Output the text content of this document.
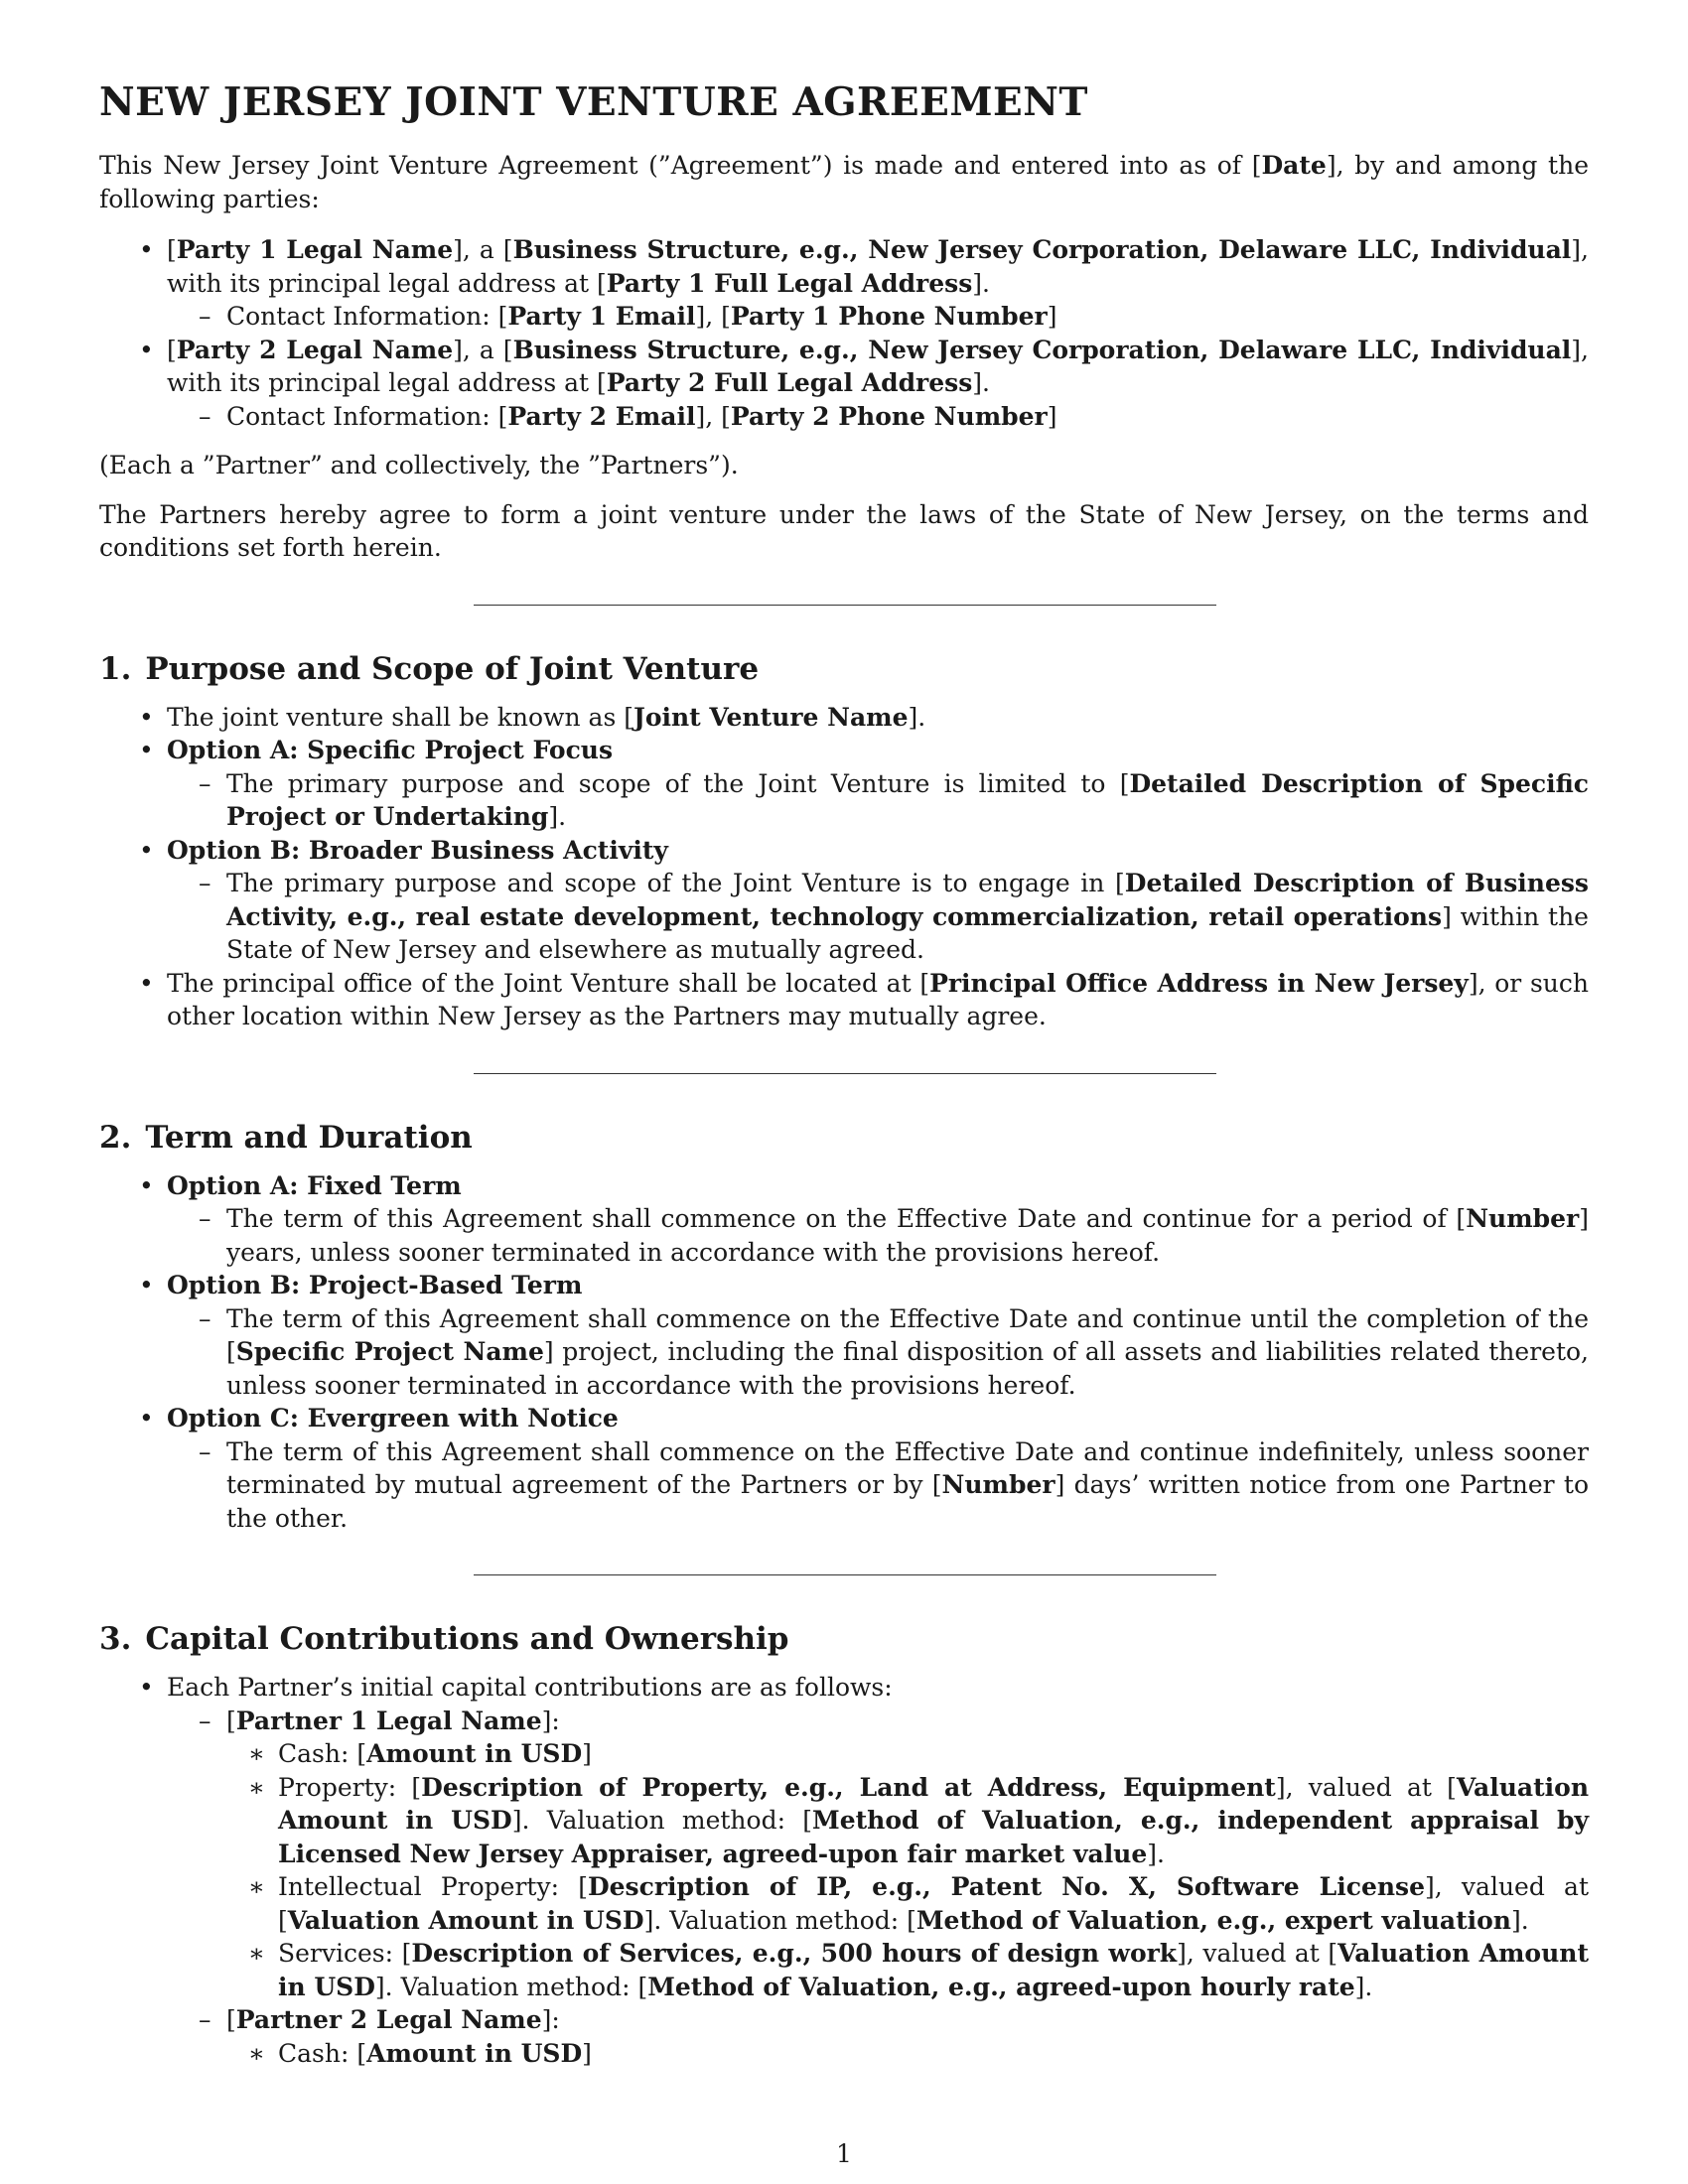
NEW JERSEY JOINT VENTURE AGREEMENT

This New Jersey Joint Venture Agreement (”Agreement”) is made and entered into as of [Date], by and among the following parties:

• [Party 1 Legal Name], a [Business Structure, e.g., New Jersey Corporation, Delaware LLC, Individual], with its principal legal address at [Party 1 Full Legal Address].
– Contact Information: [Party 1 Email], [Party 1 Phone Number]
• [Party 2 Legal Name], a [Business Structure, e.g., New Jersey Corporation, Delaware LLC, Individual], with its principal legal address at [Party 2 Full Legal Address].
– Contact Information: [Party 2 Email], [Party 2 Phone Number]

(Each a ”Partner” and collectively, the ”Partners”).

The Partners hereby agree to form a joint venture under the laws of the State of New Jersey, on the terms and conditions set forth herein.

1. Purpose and Scope of Joint Venture
• The joint venture shall be known as [Joint Venture Name].
• Option A: Specific Project Focus
– The primary purpose and scope of the Joint Venture is limited to [Detailed Description of Specific Project or Undertaking].
• Option B: Broader Business Activity
– The primary purpose and scope of the Joint Venture is to engage in [Detailed Description of Business Activity, e.g., real estate development, technology commercialization, retail operations] within the State of New Jersey and elsewhere as mutually agreed.
• The principal office of the Joint Venture shall be located at [Principal Office Address in New Jersey], or such other location within New Jersey as the Partners may mutually agree.
2. Term and Duration
• Option A: Fixed Term
– The term of this Agreement shall commence on the Effective Date and continue for a period of [Number] years, unless sooner terminated in accordance with the provisions hereof.
• Option B: Project-Based Term
– The term of this Agreement shall commence on the Effective Date and continue until the completion of the [Specific Project Name] project, including the final disposition of all assets and liabilities related thereto, unless sooner terminated in accordance with the provisions hereof.
• Option C: Evergreen with Notice
– The term of this Agreement shall commence on the Effective Date and continue indefinitely, unless sooner terminated by mutual agreement of the Partners or by [Number] days’ written notice from one Partner to the other.
3. Capital Contributions and Ownership
• Each Partner’s initial capital contributions are as follows:
– [Partner 1 Legal Name]:
∗ Cash: [Amount in USD]
∗ Property: [Description of Property, e.g., Land at Address, Equipment], valued at [Valuation Amount in USD]. Valuation method: [Method of Valuation, e.g., independent appraisal by Licensed New Jersey Appraiser, agreed-upon fair market value].
∗ Intellectual Property: [Description of IP, e.g., Patent No. X, Software License], valued at [Valuation Amount in USD]. Valuation method: [Method of Valuation, e.g., expert valuation].
∗ Services: [Description of Services, e.g., 500 hours of design work], valued at [Valuation Amount in USD]. Valuation method: [Method of Valuation, e.g., agreed-upon hourly rate].
– [Partner 2 Legal Name]:
∗ Cash: [Amount in USD]
1
